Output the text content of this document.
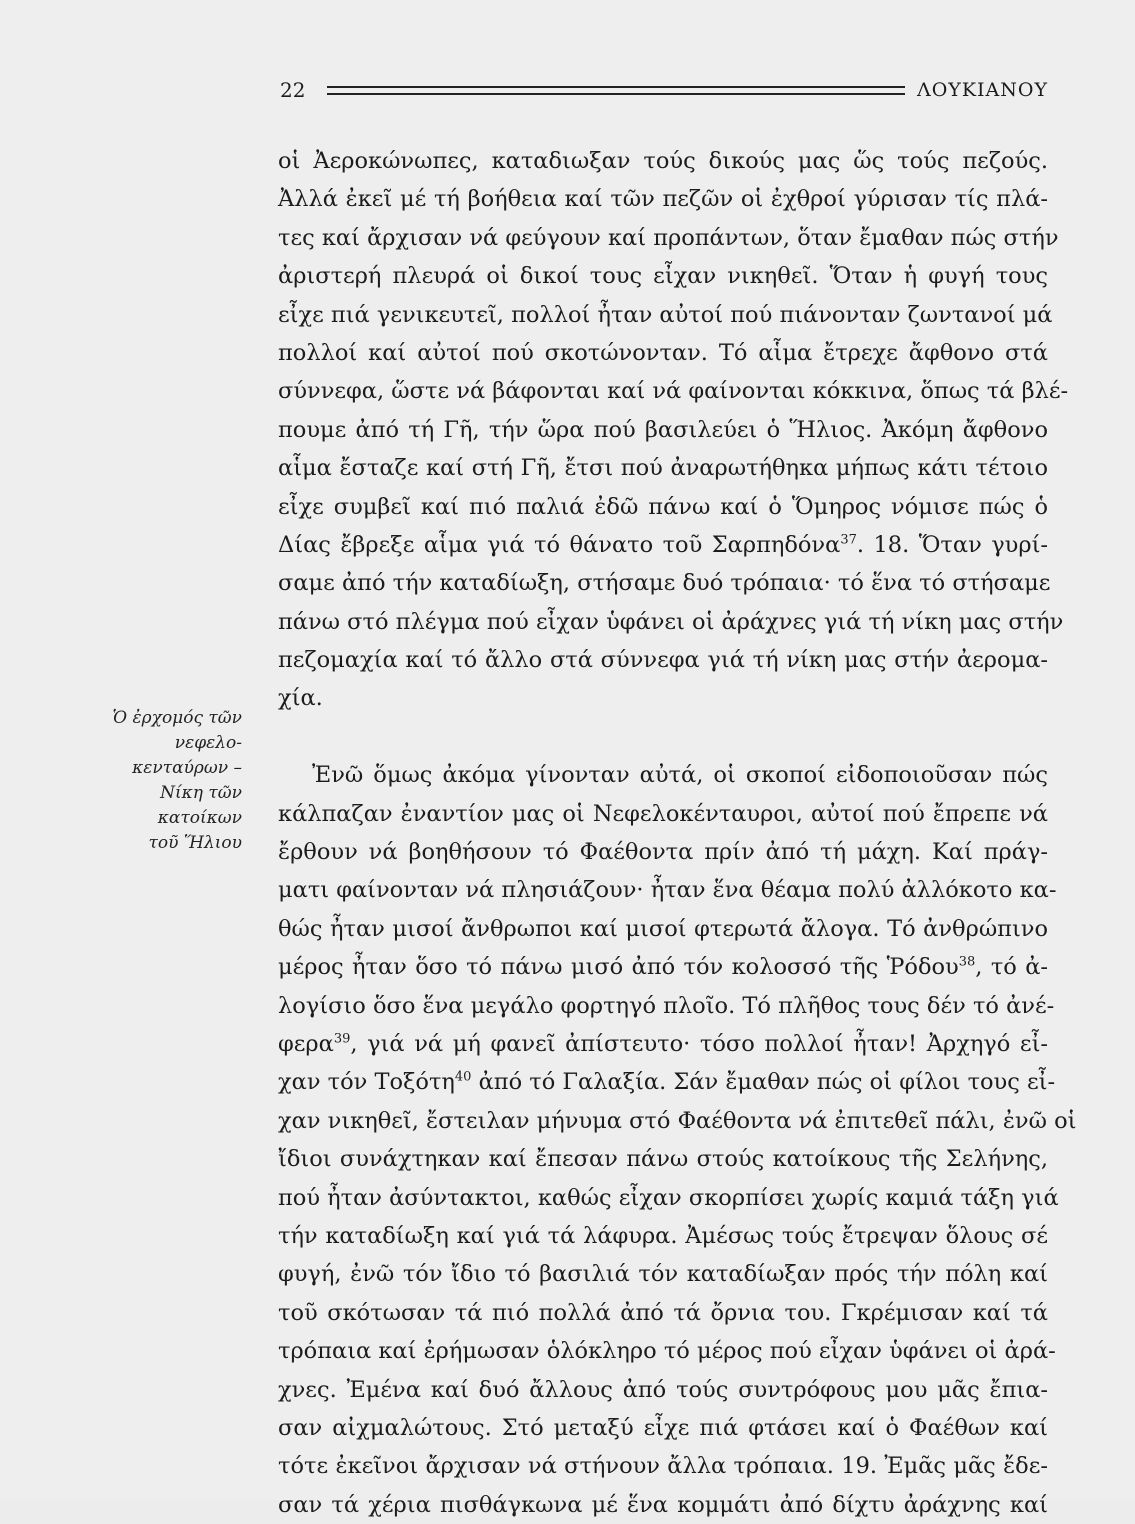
22	ΛΟΥΚΙΑΝΟΥ
Ὁ ἐρχομός τῶν
νεφελο-
κενταύρων –
Νίκη τῶν
κατοίκων
τοῦ Ἥλιου
οἱ Ἀεροκώνωπες, καταδιωξαν τούς δικούς μας ὥς τούς πεζούς.
Ἀλλά ἐκεῖ μέ τή βοήθεια καί τῶν πεζῶν οἱ ἐχθροί γύρισαν τίς πλά-
τες καί ἄρχισαν νά φεύγουν καί προπάντων, ὅταν ἔμαθαν πώς στήν
ἀριστερή πλευρά οἱ δικοί τους εἶχαν νικηθεῖ. Ὅταν ἡ φυγή τους
εἶχε πιά γενικευτεῖ, πολλοί ἦταν αὐτοί πού πιάνονταν ζωντανοί μά
πολλοί καί αὐτοί πού σκοτώνονταν. Τό αἷμα ἔτρεχε ἄφθονο στά
σύννεφα, ὥστε νά βάφονται καί νά φαίνονται κόκκινα, ὅπως τά βλέ-
πουμε ἀπό τή Γῆ, τήν ὥρα πού βασιλεύει ὁ Ἥλιος. Ἀκόμη ἄφθονο
αἷμα ἔσταζε καί στή Γῆ, ἔτσι πού ἀναρωτήθηκα μήπως κάτι τέτοιο
εἶχε συμβεῖ καί πιό παλιά ἐδῶ πάνω καί ὁ Ὅμηρος νόμισε πώς ὁ
Δίας ἔβρεξε αἷμα γιά τό θάνατο τοῦ Σαρπηδόνα$^{37}$. 18. Ὅταν γυρί-
σαμε ἀπό τήν καταδίωξη, στήσαμε δυό τρόπαια· τό ἕνα τό στήσαμε
πάνω στό πλέγμα πού εἶχαν ὑφάνει οἱ ἀράχνες γιά τή νίκη μας στήν
πεζομαχία καί τό ἄλλο στά σύννεφα γιά τή νίκη μας στήν ἀερομα-
χία.
Ἐνῶ ὅμως ἀκόμα γίνονταν αὐτά, οἱ σκοποί εἰδοποιοῦσαν πώς
κάλπαζαν ἐναντίον μας οἱ Νεφελοκένταυροι, αὐτοί πού ἔπρεπε νά
ἔρθουν νά βοηθήσουν τό Φαέθοντα πρίν ἀπό τή μάχη. Καί πράγ-
ματι φαίνονταν νά πλησιάζουν· ἦταν ἕνα θέαμα πολύ ἀλλόκοτο κα-
θώς ἦταν μισοί ἄνθρωποι καί μισοί φτερωτά ἄλογα. Τό ἀνθρώπινο
μέρος ἦταν ὅσο τό πάνω μισό ἀπό τόν κολοσσό τῆς Ῥόδου$^{38}$, τό ἀ-
λογίσιο ὅσο ἕνα μεγάλο φορτηγό πλοῖο. Τό πλῆθος τους δέν τό ἀνέ-
φερα$^{39}$, γιά νά μή φανεῖ ἀπίστευτο· τόσο πολλοί ἦταν! Ἀρχηγό εἶ-
χαν τόν Τοξότη$^{40}$ ἀπό τό Γαλαξία. Σάν ἔμαθαν πώς οἱ φίλοι τους εἶ-
χαν νικηθεῖ, ἔστειλαν μήνυμα στό Φαέθοντα νά ἐπιτεθεῖ πάλι, ἐνῶ οἱ
ἴδιοι συνάχτηκαν καί ἔπεσαν πάνω στούς κατοίκους τῆς Σελήνης,
πού ἦταν ἀσύντακτοι, καθώς εἶχαν σκορπίσει χωρίς καμιά τάξη γιά
τήν καταδίωξη καί γιά τά λάφυρα. Ἀμέσως τούς ἔτρεψαν ὅλους σέ
φυγή, ἐνῶ τόν ἴδιο τό βασιλιά τόν καταδίωξαν πρός τήν πόλη καί
τοῦ σκότωσαν τά πιό πολλά ἀπό τά ὄρνια του. Γκρέμισαν καί τά
τρόπαια καί ἐρήμωσαν ὁλόκληρο τό μέρος πού εἶχαν ὑφάνει οἱ ἀρά-
χνες. Ἐμένα καί δυό ἄλλους ἀπό τούς συντρόφους μου μᾶς ἔπια-
σαν αἰχμαλώτους. Στό μεταξύ εἶχε πιά φτάσει καί ὁ Φαέθων καί
τότε ἐκεῖνοι ἄρχισαν νά στήνουν ἄλλα τρόπαια. 19. Ἐμᾶς μᾶς ἔδε-
σαν τά χέρια πισθάγκωνα μέ ἕνα κομμάτι ἀπό δίχτυ ἀράχνης καί
